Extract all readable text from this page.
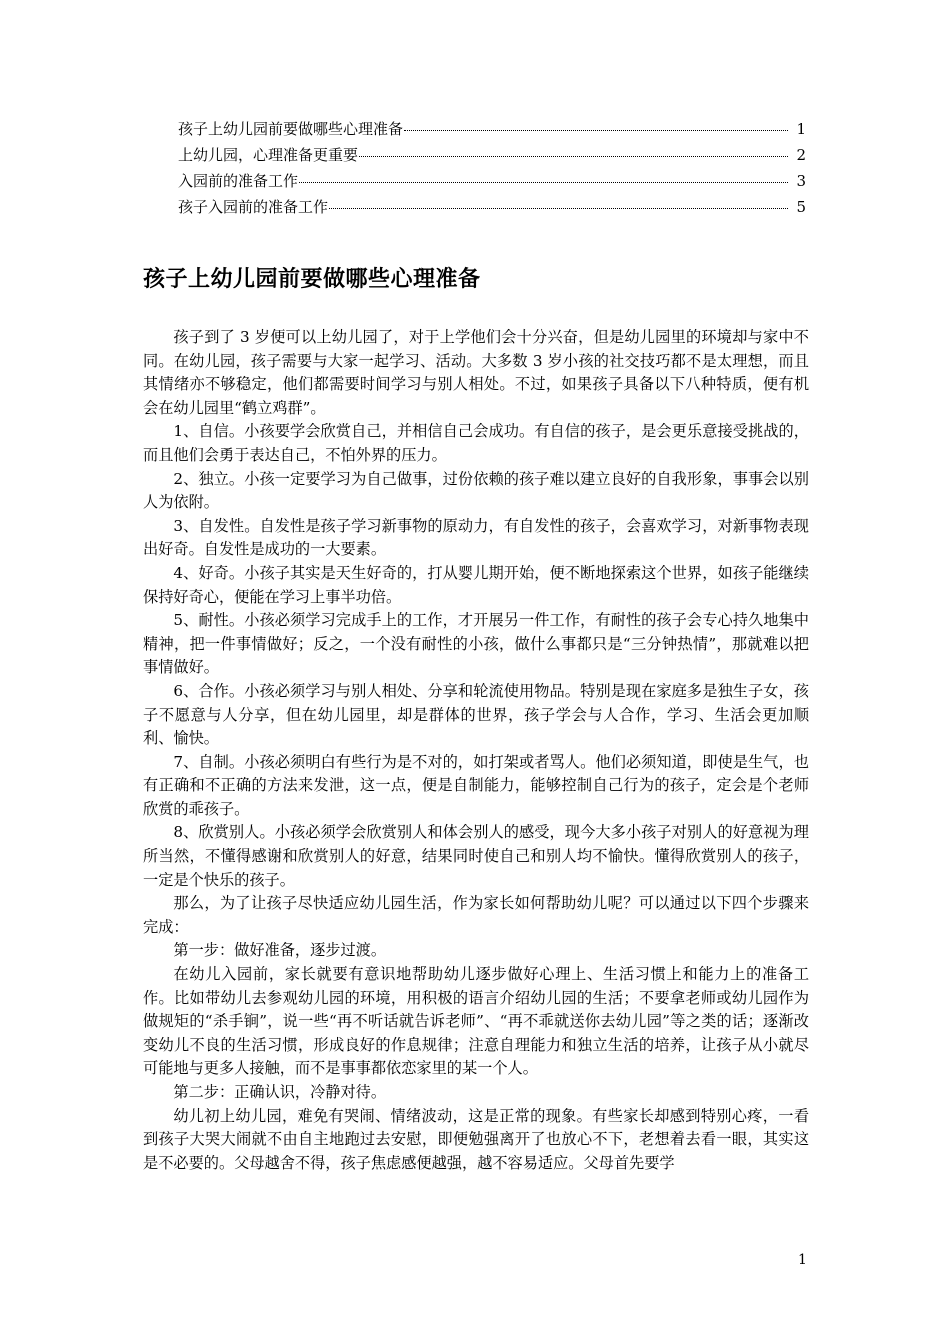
孩子上幼儿园前要做哪些心理准备	1
上幼儿园，心理准备更重要	2
入园前的准备工作	3
孩子入园前的准备工作	5
孩子上幼儿园前要做哪些心理准备

孩子到了 3 岁便可以上幼儿园了，对于上学他们会十分兴奋，但是幼儿园里的环境却与家中不同。在幼儿园，孩子需要与大家一起学习、活动。大多数 3 岁小孩的社交技巧都不是太理想，而且其情绪亦不够稳定，他们都需要时间学习与别人相处。不过，如果孩子具备以下八种特质，便有机会在幼儿园里“鹤立鸡群”。

1、自信。小孩要学会欣赏自己，并相信自己会成功。有自信的孩子，是会更乐意接受挑战的，而且他们会勇于表达自己，不怕外界的压力。

2、独立。小孩一定要学习为自己做事，过份依赖的孩子难以建立良好的自我形象，事事会以别人为依附。

3、自发性。自发性是孩子学习新事物的原动力，有自发性的孩子，会喜欢学习，对新事物表现出好奇。自发性是成功的一大要素。

4、好奇。小孩子其实是天生好奇的，打从婴儿期开始，便不断地探索这个世界，如孩子能继续保持好奇心，便能在学习上事半功倍。

5、耐性。小孩必须学习完成手上的工作，才开展另一件工作，有耐性的孩子会专心持久地集中精神，把一件事情做好；反之，一个没有耐性的小孩，做什么事都只是“三分钟热情”，那就难以把事情做好。

6、合作。小孩必须学习与别人相处、分享和轮流使用物品。特别是现在家庭多是独生子女，孩子不愿意与人分享，但在幼儿园里，却是群体的世界，孩子学会与人合作，学习、生活会更加顺利、愉快。

7、自制。小孩必须明白有些行为是不对的，如打架或者骂人。他们必须知道，即使是生气，也有正确和不正确的方法来发泄，这一点，便是自制能力，能够控制自己行为的孩子，定会是个老师欣赏的乖孩子。

8、欣赏别人。小孩必须学会欣赏别人和体会别人的感受，现今大多小孩子对别人的好意视为理所当然，不懂得感谢和欣赏别人的好意，结果同时使自己和别人均不愉快。懂得欣赏别人的孩子，一定是个快乐的孩子。

那么，为了让孩子尽快适应幼儿园生活，作为家长如何帮助幼儿呢？可以通过以下四个步骤来完成：

第一步：做好准备，逐步过渡。

在幼儿入园前，家长就要有意识地帮助幼儿逐步做好心理上、生活习惯上和能力上的准备工作。比如带幼儿去参观幼儿园的环境，用积极的语言介绍幼儿园的生活；不要拿老师或幼儿园作为做规矩的“杀手锏”，说一些“再不听话就告诉老师”、“再不乖就送你去幼儿园”等之类的话；逐渐改变幼儿不良的生活习惯，形成良好的作息规律；注意自理能力和独立生活的培养，让孩子从小就尽可能地与更多人接触，而不是事事都依恋家里的某一个人。

第二步：正确认识，冷静对待。

幼儿初上幼儿园，难免有哭闹、情绪波动，这是正常的现象。有些家长却感到特别心疼，一看到孩子大哭大闹就不由自主地跑过去安慰，即便勉强离开了也放心不下，老想着去看一眼，其实这是不必要的。父母越舍不得，孩子焦虑感便越强，越不容易适应。父母首先要学

1
